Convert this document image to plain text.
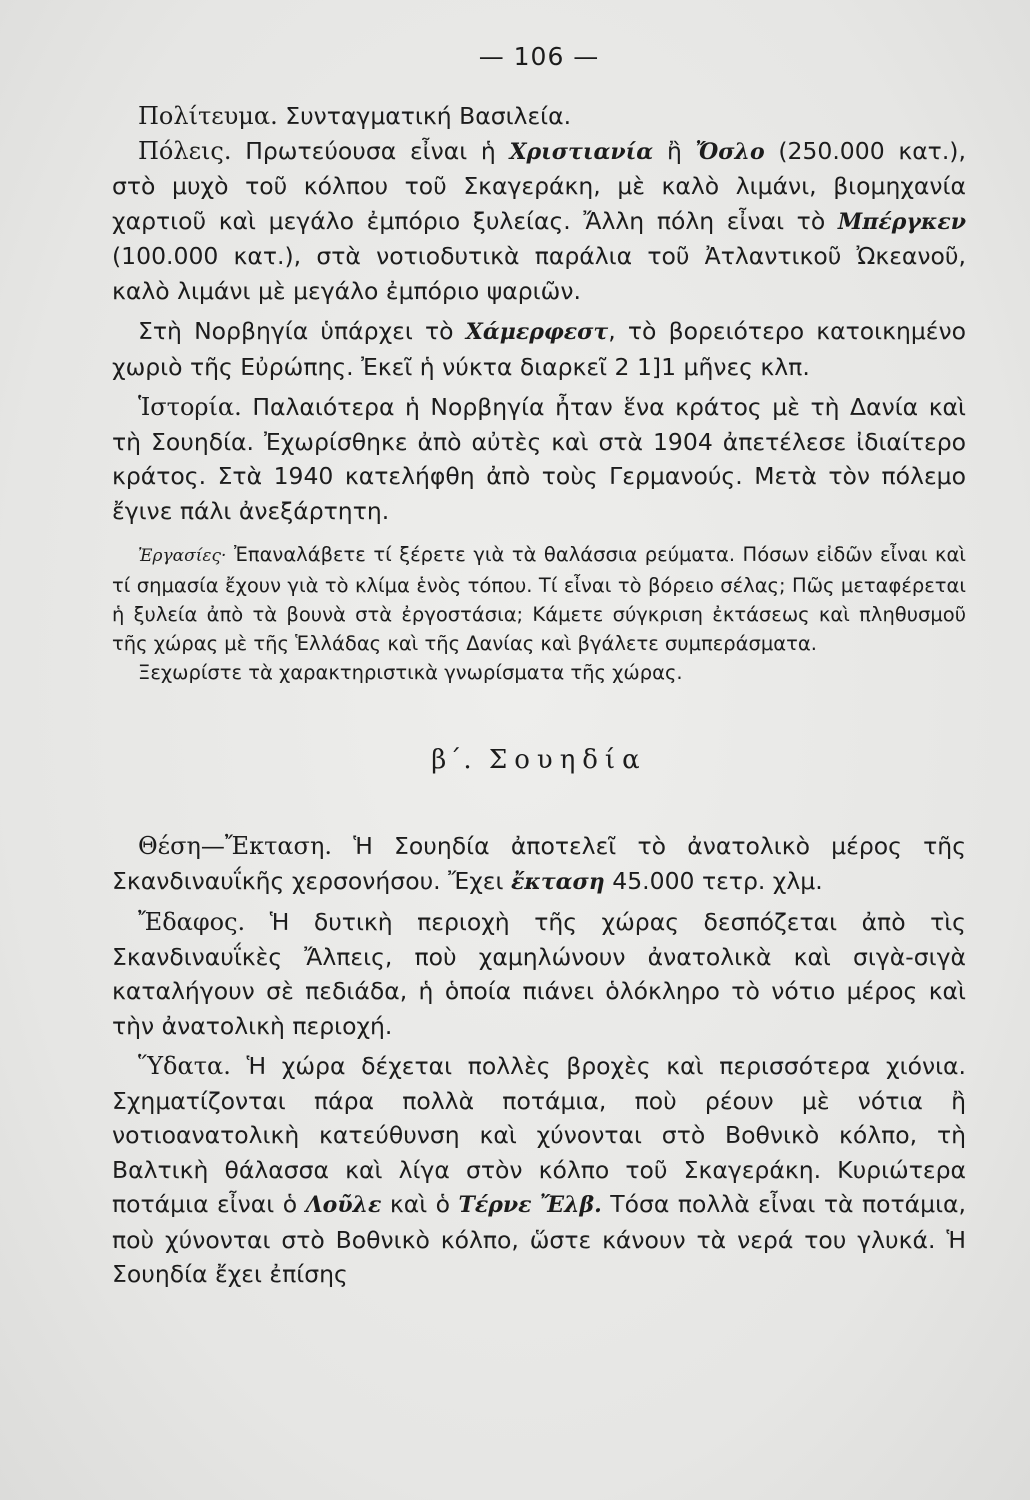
— 106 —

Πολίτευμα. Συνταγματική Βασιλεία.

Πόλεις. Πρωτεύουσα εἶναι ἡ Χριστιανία ἢ Ὄσλο (250.000 κατ.), στὸ μυχὸ τοῦ κόλπου τοῦ Σκαγεράκη, μὲ καλὸ λιμάνι, βιομηχανία χαρτιοῦ καὶ μεγάλο ἐμπόριο ξυλείας. Ἄλλη πόλη εἶναι τὸ Μπέργκεν (100.000 κατ.), στὰ νοτιοδυτικὰ παράλια τοῦ Ἀτλαντικοῦ Ὠκεανοῦ, καλὸ λιμάνι μὲ μεγάλο ἐμπόριο ψαριῶν.

Στὴ Νορβηγία ὑπάρχει τὸ Χάμερφεστ, τὸ βορειότερο κατοικημένο χωριὸ τῆς Εὐρώπης. Ἐκεῖ ἡ νύκτα διαρκεῖ 2 1]1 μῆνες κλπ.

Ἱστορία. Παλαιότερα ἡ Νορβηγία ἦταν ἕνα κράτος μὲ τὴ Δανία καὶ τὴ Σουηδία. Ἐχωρίσθηκε ἀπὸ αὐτὲς καὶ στὰ 1904 ἀπετέλεσε ἰδιαίτερο κράτος. Στὰ 1940 κατελήφθη ἀπὸ τοὺς Γερμανούς. Μετὰ τὸν πόλεμο ἔγινε πάλι ἀνεξάρτητη.

Ἐργασίες· Ἐπαναλάβετε τί ξέρετε γιὰ τὰ θαλάσσια ρεύματα. Πόσων εἰδῶν εἶναι καὶ τί σημασία ἔχουν γιὰ τὸ κλίμα ἑνὸς τόπου. Τί εἶναι τὸ βόρειο σέλας; Πῶς μεταφέρεται ἡ ξυλεία ἀπὸ τὰ βουνὰ στὰ ἐργοστάσια; Κάμετε σύγκριση ἐκτάσεως καὶ πληθυσμοῦ τῆς χώρας μὲ τῆς Ἑλλάδας καὶ τῆς Δανίας καὶ βγάλετε συμπεράσματα.

Ξεχωρίστε τὰ χαρακτηριστικὰ γνωρίσματα τῆς χώρας.

β΄. Σουηδία

Θέση—Ἔκταση. Ἡ Σουηδία ἀποτελεῖ τὸ ἀνατολικὸ μέρος τῆς Σκανδιναυΐκῆς χερσονήσου. Ἔχει ἔκταση 45.000 τετρ. χλμ.

Ἔδαφος. Ἡ δυτικὴ περιοχὴ τῆς χώρας δεσπόζεται ἀπὸ τὶς Σκανδιναυΐκὲς Ἄλπεις, ποὺ χαμηλώνουν ἀνατολικὰ καὶ σιγὰ-σιγὰ καταλήγουν σὲ πεδιάδα, ἡ ὁποία πιάνει ὁλόκληρο τὸ νότιο μέρος καὶ τὴν ἀνατολικὴ περιοχή.

Ὕδατα. Ἡ χώρα δέχεται πολλὲς βροχὲς καὶ περισσότερα χιόνια. Σχηματίζονται πάρα πολλὰ ποτάμια, ποὺ ρέουν μὲ νότια ἢ νοτιοανατολικὴ κατεύθυνση καὶ χύνονται στὸ Βοθνικὸ κόλπο, τὴ Βαλτικὴ θάλασσα καὶ λίγα στὸν κόλπο τοῦ Σκαγεράκη. Κυριώτερα ποτάμια εἶναι ὁ Λοῦλε καὶ ὁ Τέρνε Ἔλβ. Τόσα πολλὰ εἶναι τὰ ποτάμια, ποὺ χύνονται στὸ Βοθνικὸ κόλπο, ὥστε κάνουν τὰ νερά του γλυκά. Ἡ Σουηδία ἔχει ἐπίσης
